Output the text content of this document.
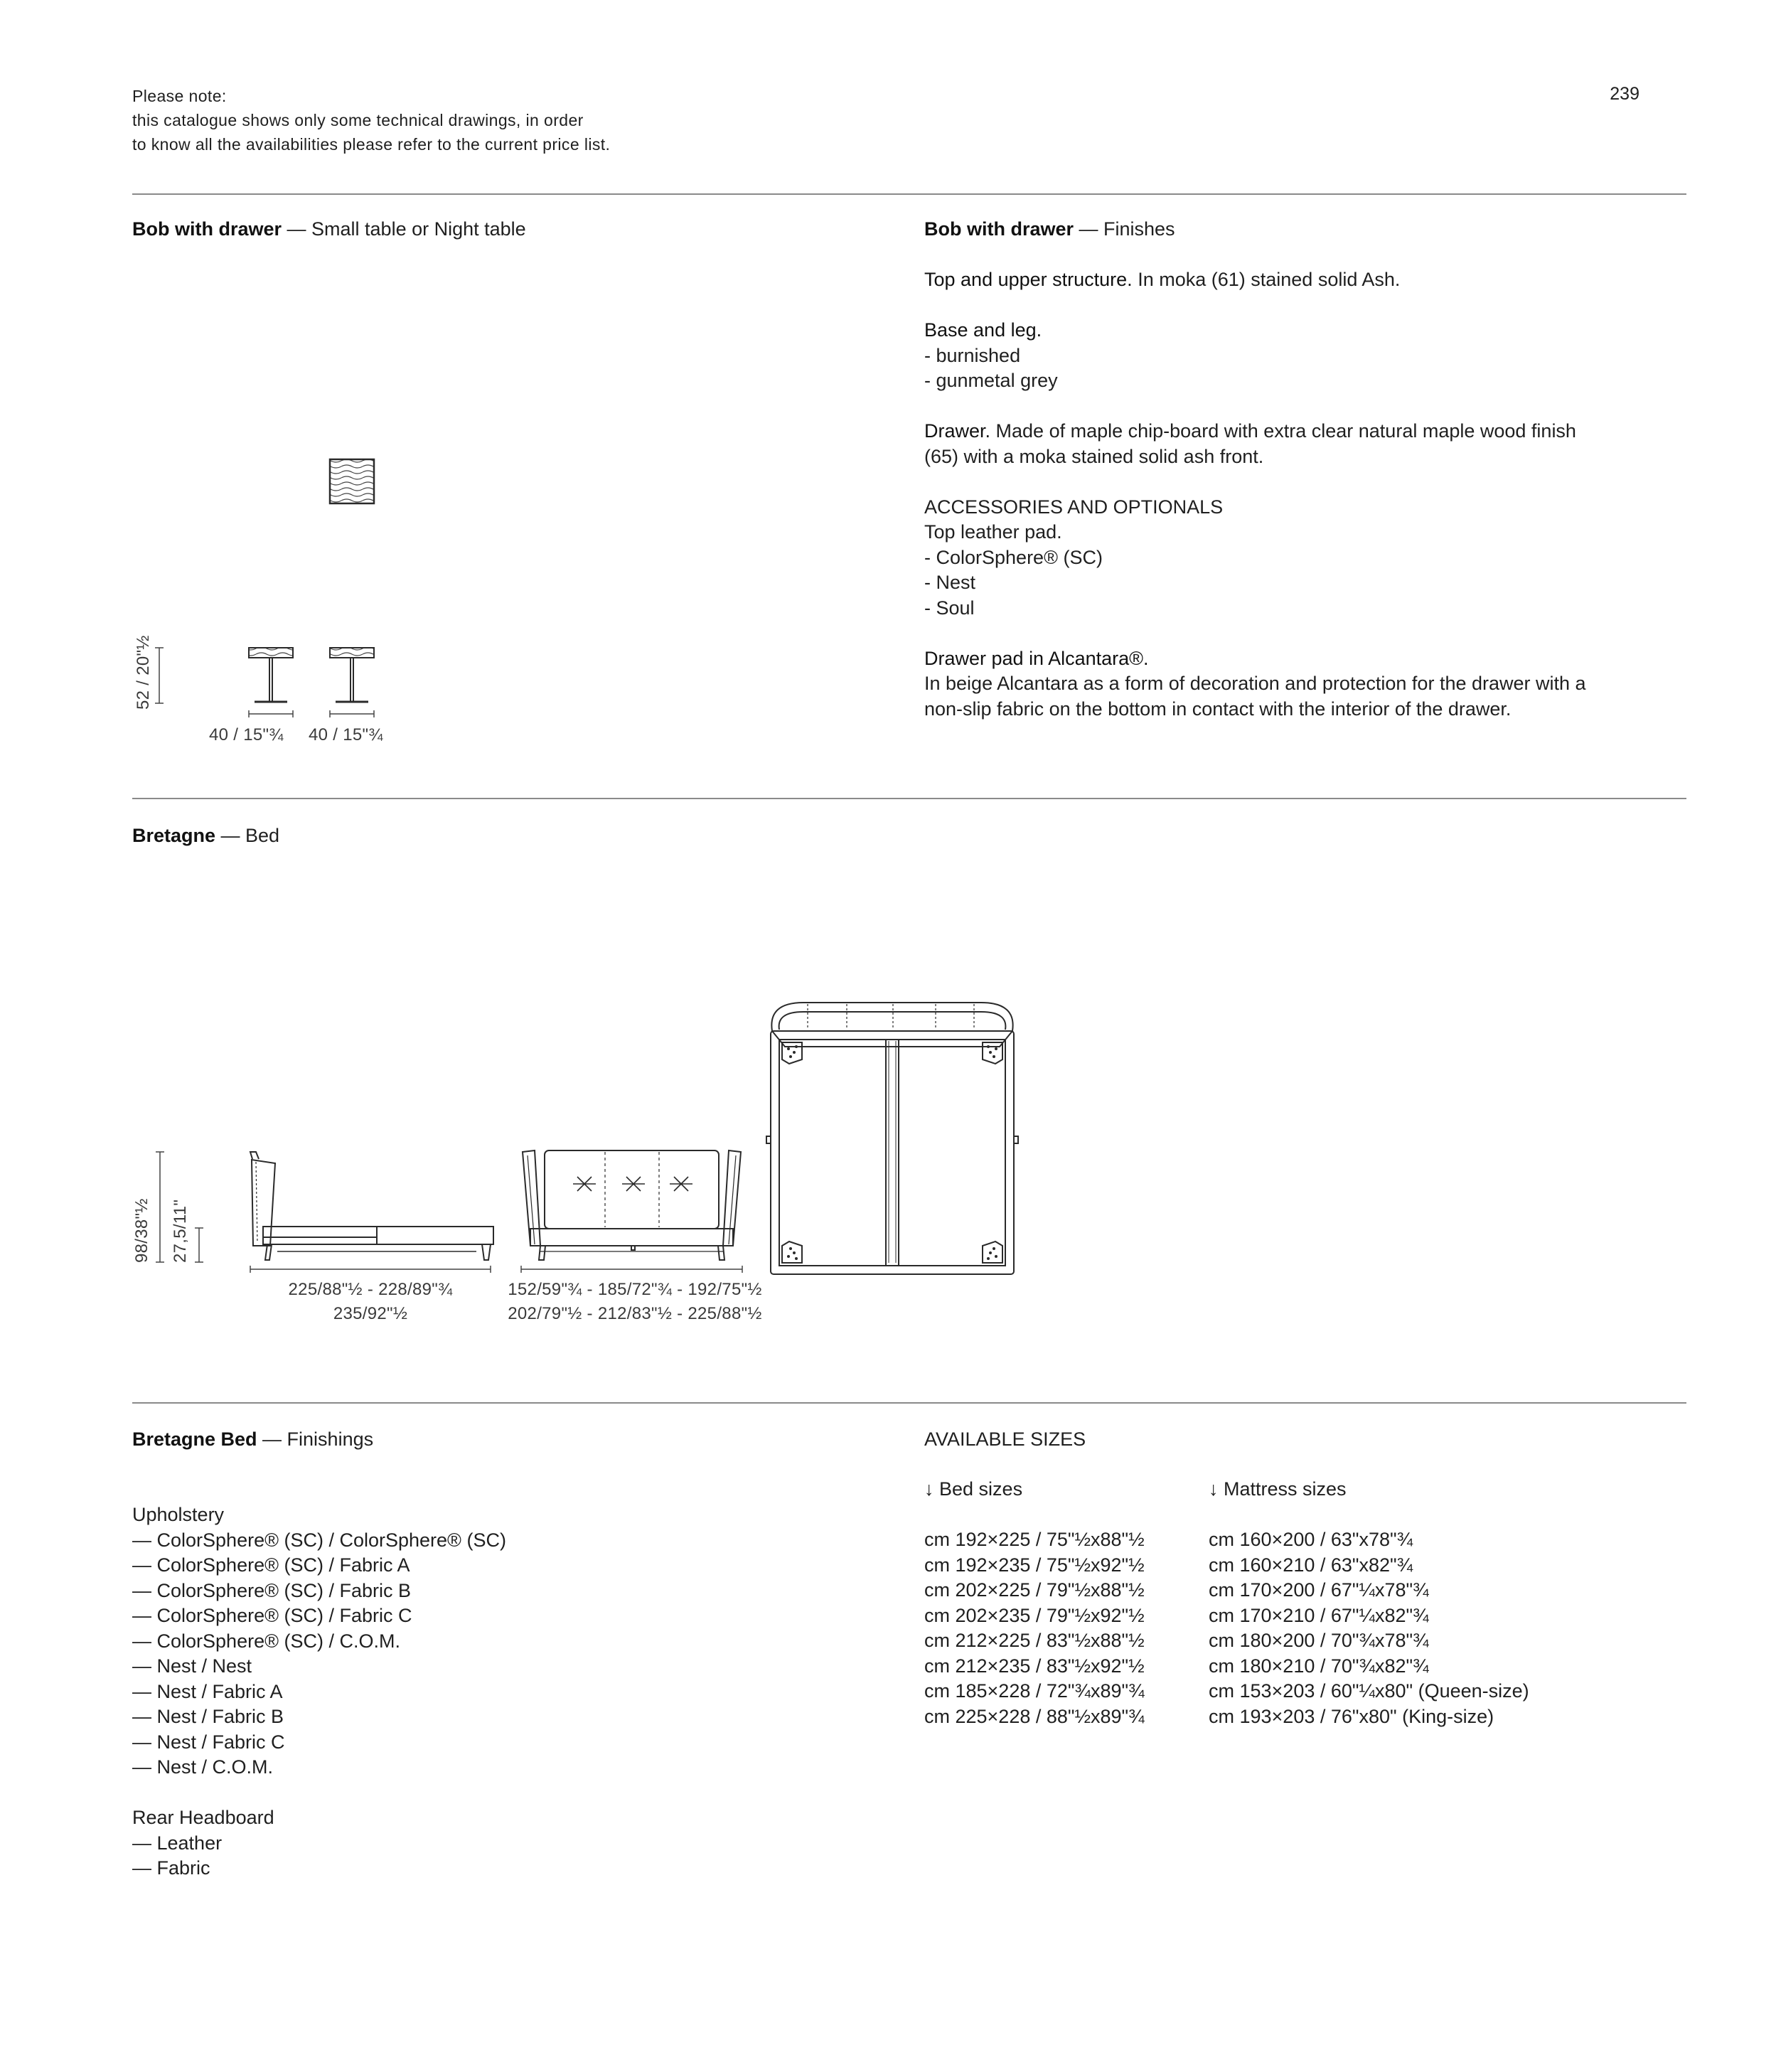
Please note:
this catalogue shows only some technical drawings, in order
to know all the availabilities please refer to the current price list.
239
Bob with drawer — Small table or Night table
52 / 20"½
40 / 15"¾ 40 / 15"¾
Bob with drawer — Finishes
Top and upper structure. In moka (61) stained solid Ash.
Base and leg.
- burnished
- gunmetal grey
Drawer. Made of maple chip-board with extra clear natural maple wood finish
(65) with a moka stained solid ash front.
ACCESSORIES AND OPTIONALS
Top leather pad.
- ColorSphere® (SC)
- Nest
- Soul
Drawer pad in Alcantara®.
In beige Alcantara as a form of decoration and protection for the drawer with a
non-slip fabric on the bottom in contact with the interior of the drawer.
Bretagne — Bed
98/38"½ 27,5/11"
225/88"½ - 228/89"¾
235/92"½
152/59"¾ - 185/72"¾ - 192/75"½
202/79"½ - 212/83"½ - 225/88"½
Bretagne Bed — Finishings
Upholstery
— ColorSphere® (SC) / ColorSphere® (SC)
— ColorSphere® (SC) / Fabric A
— ColorSphere® (SC) / Fabric B
— ColorSphere® (SC) / Fabric C
— ColorSphere® (SC) / C.O.M.
— Nest / Nest
— Nest / Fabric A
— Nest / Fabric B
— Nest / Fabric C
— Nest / C.O.M.
Rear Headboard
— Leather
— Fabric
AVAILABLE SIZES
↓ Bed sizes
cm 192×225 / 75"½x88"½
cm 192×235 / 75"½x92"½
cm 202×225 / 79"½x88"½
cm 202×235 / 79"½x92"½
cm 212×225 / 83"½x88"½
cm 212×235 / 83"½x92"½
cm 185×228 / 72"¾x89"¾
cm 225×228 / 88"½x89"¾
↓ Mattress sizes
cm 160×200 / 63"x78"¾
cm 160×210 / 63"x82"¾
cm 170×200 / 67"¼x78"¾
cm 170×210 / 67"¼x82"¾
cm 180×200 / 70"¾x78"¾
cm 180×210 / 70"¾x82"¾
cm 153×203 / 60"¼x80" (Queen-size)
cm 193×203 / 76"x80" (King-size)
